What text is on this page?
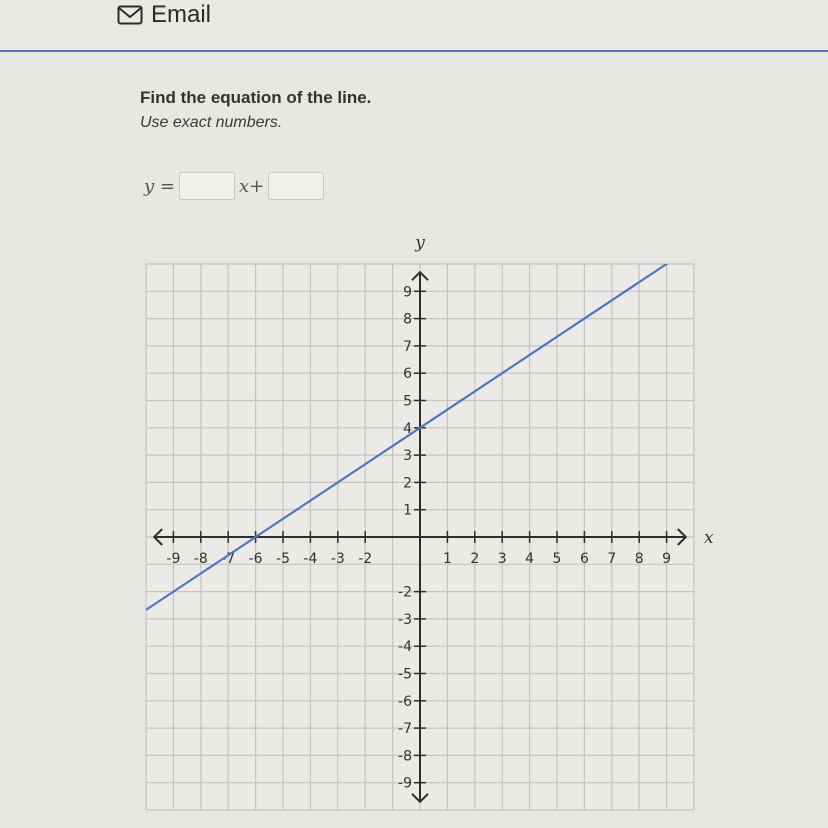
Email

Find the equation of the line.

Use exact numbers.

y =	x+
-9 -8 -7 -6 -5 -4 -3 -2	1 2 3 4 5 6 7 8 9
9
8
7
6
5
4
3
2
1
-2
-3
-4
-5
-6
-7
-8
-9
x
y
